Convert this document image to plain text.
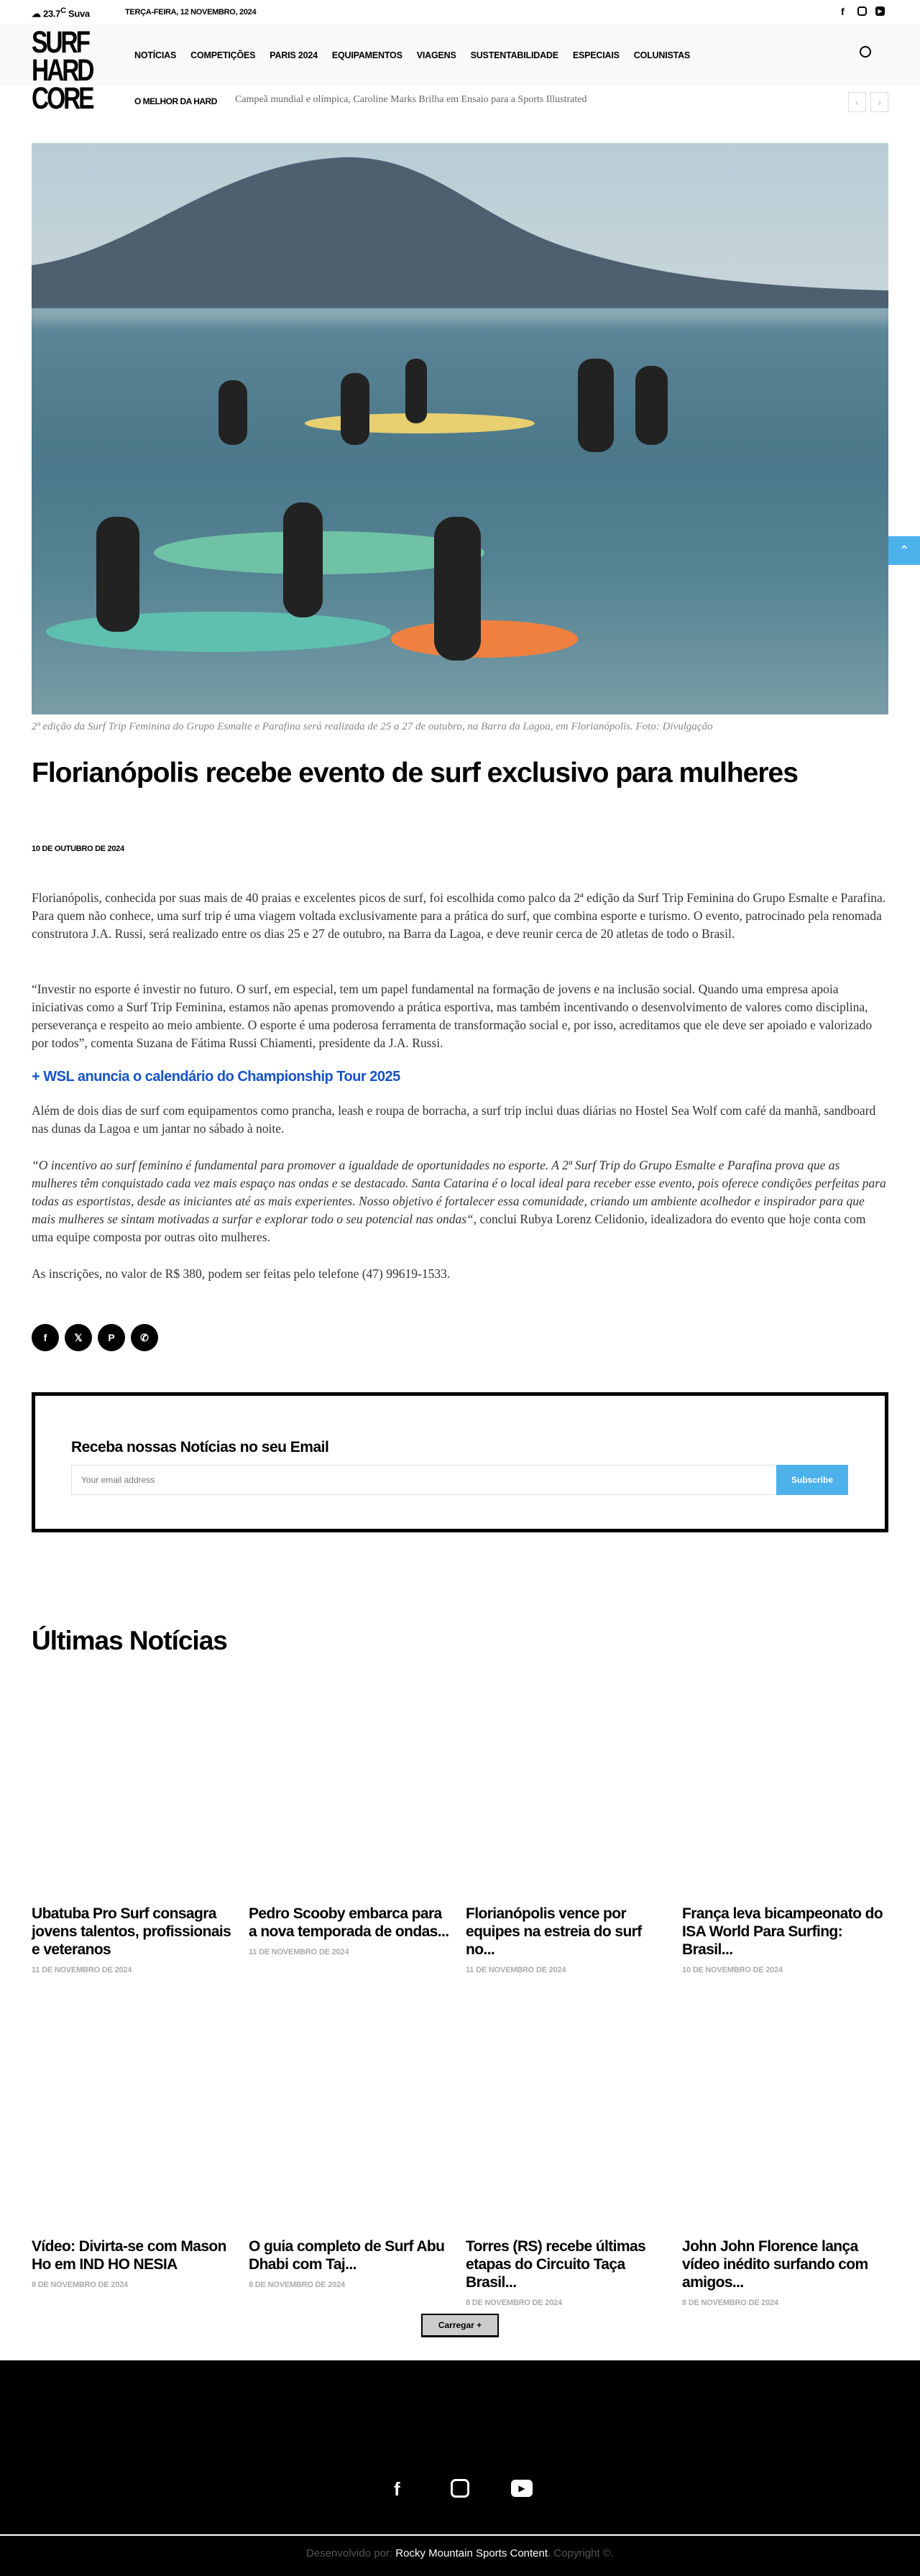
☁ $23.7^C$ Suva	TERÇA-FEIRA, 12 NOVEMBRO, 2024	f	▶
NOTÍCIAS COMPETIÇÕES PARIS 2024 EQUIPAMENTOS VIAGENS SUSTENTABILIDADE ESPECIAIS COLUNISTAS
SURF
HARD
CORE	O MELHOR DA HARD Campeã mundial e olímpica, Caroline Marks Brilha em Ensaio para a Sports Illustrated	‹	›
⌃
2ª edição da Surf Trip Feminina do Grupo Esmalte e Parafina será realizada de 25 a 27 de outubro, na Barra da Lagoa, em Florianópolis. Foto: Divulgação
Florianópolis recebe evento de surf exclusivo para mulheres
10 DE OUTUBRO DE 2024

Florianópolis, conhecida por suas mais de 40 praias e excelentes picos de surf, foi escolhida como palco da 2ª edição da Surf Trip Feminina do Grupo Esmalte e Parafina. Para quem não conhece, uma surf trip é uma viagem voltada exclusivamente para a prática do surf, que combina esporte e turismo. O evento, patrocinado pela renomada construtora J.A. Russi, será realizado entre os dias 25 e 27 de outubro, na Barra da Lagoa, e deve reunir cerca de 20 atletas de todo o Brasil.

“Investir no esporte é investir no futuro. O surf, em especial, tem um papel fundamental na formação de jovens e na inclusão social. Quando uma empresa apoia iniciativas como a Surf Trip Feminina, estamos não apenas promovendo a prática esportiva, mas também incentivando o desenvolvimento de valores como disciplina, perseverança e respeito ao meio ambiente. O esporte é uma poderosa ferramenta de transformação social e, por isso, acreditamos que ele deve ser apoiado e valorizado por todos”, comenta Suzana de Fátima Russi Chiamenti, presidente da J.A. Russi.

+ WSL anuncia o calendário do Championship Tour 2025

Além de dois dias de surf com equipamentos como prancha, leash e roupa de borracha, a surf trip inclui duas diárias no Hostel Sea Wolf com café da manhã, sandboard nas dunas da Lagoa e um jantar no sábado à noite.

“O incentivo ao surf feminino é fundamental para promover a igualdade de oportunidades no esporte. A 2ª Surf Trip do Grupo Esmalte e Parafina prova que as mulheres têm conquistado cada vez mais espaço nas ondas e se destacado. Santa Catarina é o local ideal para receber esse evento, pois oferece condições perfeitas para todas as esportistas, desde as iniciantes até as mais experientes. Nosso objetivo é fortalecer essa comunidade, criando um ambiente acolhedor e inspirador para que mais mulheres se sintam motivadas a surfar e explorar todo o seu potencial nas ondas“, conclui Rubya Lorenz Celidonio, idealizadora do evento que hoje conta com uma equipe composta por outras oito mulheres.

As inscrições, no valor de R$ 380, podem ser feitas pelo telefone (47) 99619-1533.

f	𝕏	P	✆
Receba nossas Notícias no seu Email
Your email address
Subscribe
Últimas Notícias
Ubatuba Pro Surf consagra jovens talentos, profissionais e veteranos
11 DE NOVEMBRO DE 2024
Pedro Scooby embarca para a nova temporada de ondas...
11 DE NOVEMBRO DE 2024
Florianópolis vence por equipes na estreia do surf no...
11 DE NOVEMBRO DE 2024
França leva bicampeonato do ISA World Para Surfing: Brasil...
10 DE NOVEMBRO DE 2024
Vídeo: Divirta-se com Mason Ho em IND HO NESIA
8 DE NOVEMBRO DE 2024
O guia completo de Surf Abu Dhabi com Taj...
8 DE NOVEMBRO DE 2024
Torres (RS) recebe últimas etapas do Circuito Taça Brasil...
8 DE NOVEMBRO DE 2024
John John Florence lança vídeo inédito surfando com amigos...
8 DE NOVEMBRO DE 2024
Carregar +
f	▶
Desenvolvido por: Rocky Mountain Sports Content. Copyright ©.
